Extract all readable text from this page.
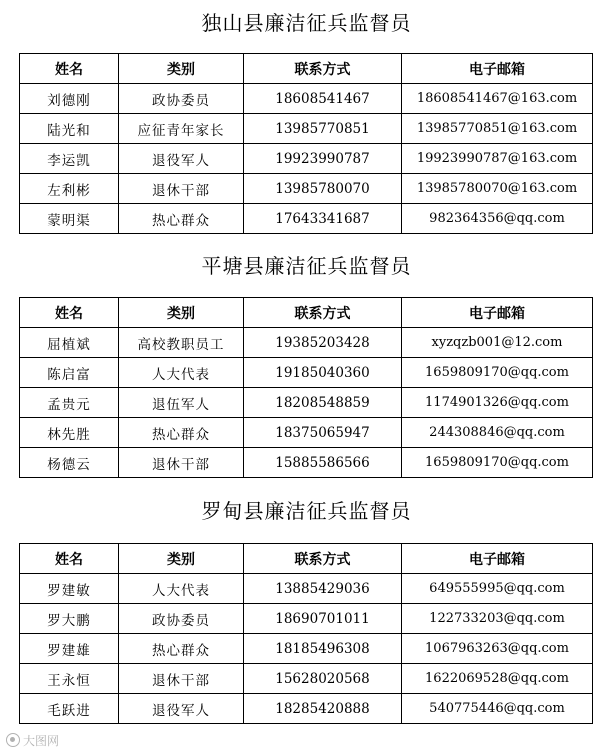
独山县廉洁征兵监督员
姓名	类别	联系方式	电子邮箱
刘德刚	政协委员	18608541467	18608541467@163.com
陆光和	应征青年家长	13985770851	13985770851@163.com
李运凯	退役军人	19923990787	19923990787@163.com
左利彬	退休干部	13985780070	13985780070@163.com
蒙明渠	热心群众	17643341687	982364356@qq.com
平塘县廉洁征兵监督员
姓名	类别	联系方式	电子邮箱
屈植斌	高校教职员工	19385203428	xyzqzb001@12.com
陈启富	人大代表	19185040360	1659809170@qq.com
孟贵元	退伍军人	18208548859	1174901326@qq.com
林先胜	热心群众	18375065947	244308846@qq.com
杨德云	退休干部	15885586566	1659809170@qq.com
罗甸县廉洁征兵监督员
姓名	类别	联系方式	电子邮箱
罗建敏	人大代表	13885429036	649555995@qq.com
罗大鹏	政协委员	18690701011	122733203@qq.com
罗建雄	热心群众	18185496308	1067963263@qq.com
王永恒	退休干部	15628020568	1622069528@qq.com
毛跃进	退役军人	18285420888	540775446@qq.com
大图网
